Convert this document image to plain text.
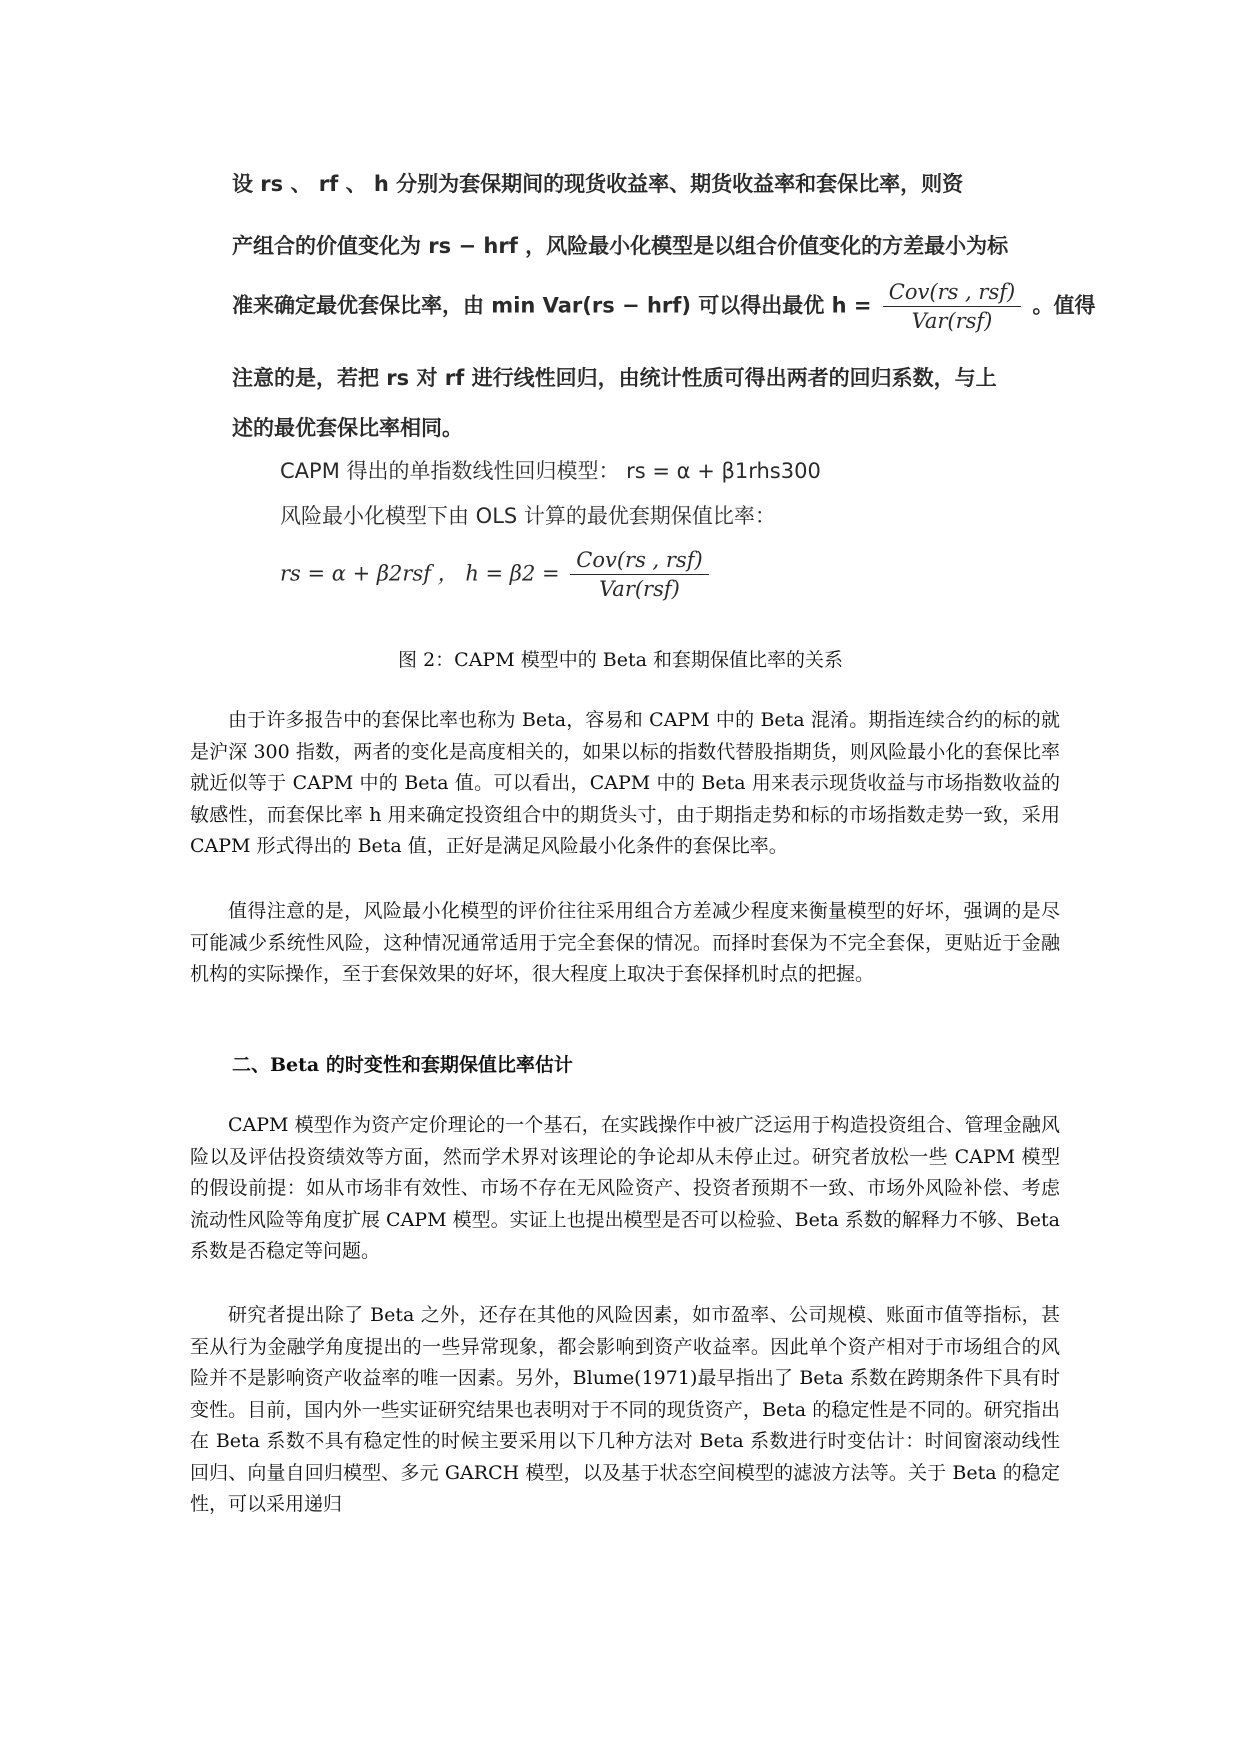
设 rs 、 rf 、 h 分别为套保期间的现货收益率、期货收益率和套保比率，则资
产组合的价值变化为 rs − hrf ，风险最小化模型是以组合价值变化的方差最小为标
准来确定最优套保比率，由 min Var(rs − hrf) 可以得出最优 $h = \frac{\text{Cov(rs , rsf)}}{\text{Var(rsf)}}$ 。值得
注意的是，若把 rs 对 rf 进行线性回归，由统计性质可得出两者的回归系数，与上
述的最优套保比率相同。
CAPM 得出的单指数线性回归模型： rs = α + β1rhs300
风险最小化模型下由 OLS 计算的最优套期保值比率：
rs = α + β2rsf ， $h = \beta 2 = \frac{\text{Cov(rs , rsf)}}{\text{Var(rsf)}}$
图 2：CAPM 模型中的 Beta 和套期保值比率的关系
由于许多报告中的套保比率也称为 Beta，容易和 CAPM 中的 Beta 混淆。期指连续合约的标的就是沪深 300 指数，两者的变化是高度相关的，如果以标的指数代替股指期货，则风险最小化的套保比率就近似等于 CAPM 中的 Beta 值。可以看出，CAPM 中的 Beta 用来表示现货收益与市场指数收益的敏感性，而套保比率 h 用来确定投资组合中的期货头寸，由于期指走势和标的市场指数走势一致，采用 CAPM 形式得出的 Beta 值，正好是满足风险最小化条件的套保比率。
值得注意的是，风险最小化模型的评价往往采用组合方差减少程度来衡量模型的好坏，强调的是尽可能减少系统性风险，这种情况通常适用于完全套保的情况。而择时套保为不完全套保，更贴近于金融机构的实际操作，至于套保效果的好坏，很大程度上取决于套保择机时点的把握。
二、Beta 的时变性和套期保值比率估计
CAPM 模型作为资产定价理论的一个基石，在实践操作中被广泛运用于构造投资组合、管理金融风险以及评估投资绩效等方面，然而学术界对该理论的争论却从未停止过。研究者放松一些 CAPM 模型的假设前提：如从市场非有效性、市场不存在无风险资产、投资者预期不一致、市场外风险补偿、考虑流动性风险等角度扩展 CAPM 模型。实证上也提出模型是否可以检验、Beta 系数的解释力不够、Beta 系数是否稳定等问题。
研究者提出除了 Beta 之外，还存在其他的风险因素，如市盈率、公司规模、账面市值等指标，甚至从行为金融学角度提出的一些异常现象，都会影响到资产收益率。因此单个资产相对于市场组合的风险并不是影响资产收益率的唯一因素。另外，Blume(1971)最早指出了 Beta 系数在跨期条件下具有时变性。目前，国内外一些实证研究结果也表明对于不同的现货资产，Beta 的稳定性是不同的。研究指出在 Beta 系数不具有稳定性的时候主要采用以下几种方法对 Beta 系数进行时变估计：时间窗滚动线性回归、向量自回归模型、多元 GARCH 模型，以及基于状态空间模型的滤波方法等。关于 Beta 的稳定性，可以采用递归
